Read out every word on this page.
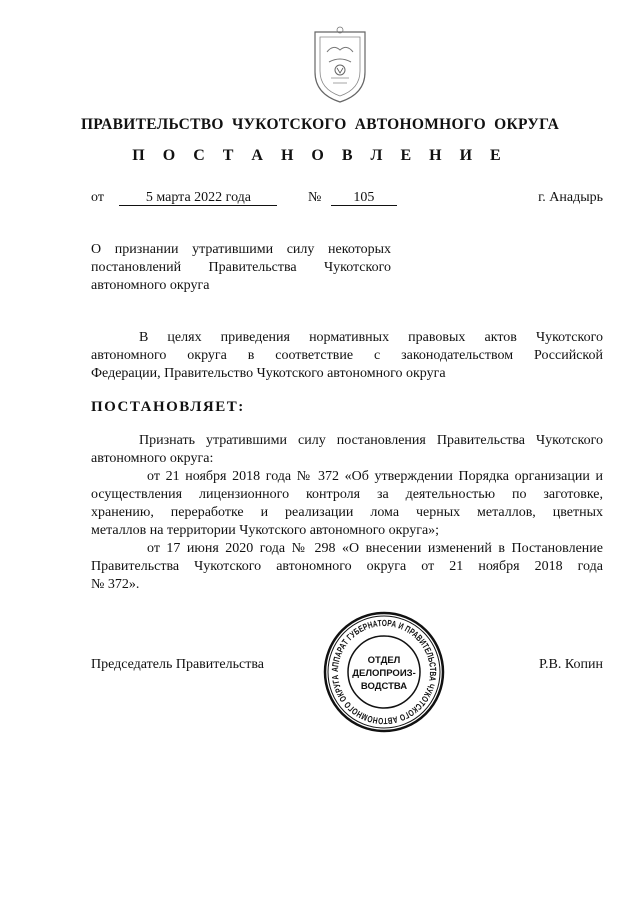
ПРАВИТЕЛЬСТВО ЧУКОТСКОГО АВТОНОМНОГО ОКРУГА
П О С Т А Н О В Л Е Н И Е
от	5 марта 2022 года	№ 105	г. Анадырь
О признании утратившими силу некоторых
постановлений Правительства Чукотского
автономного округа
В целях приведения нормативных правовых актов Чукотского
автономного округа в соответствие с законодательством Российской
Федерации, Правительство Чукотского автономного округа
ПОСТАНОВЛЯЕТ:
Признать утратившими силу постановления Правительства Чукотского
автономного округа:
от 21 ноября 2018 года № 372 «Об утверждении Порядка организации и
осуществления лицензионного контроля за деятельностью по заготовке,
хранению, переработке и реализации лома черных металлов, цветных
металлов на территории Чукотского автономного округа»;
от 17 июня 2020 года № 298 «О внесении изменений в Постановление
Правительства Чукотского автономного округа от 21 ноября 2018 года
№ 372».
Председатель Правительства	Р.В. Копин
АППАРАТ ГУБЕРНАТОРА И ПРАВИТЕЛЬСТВА ЧУКОТСКОГО АВТОНОМНОГО ОКРУГА
ОТДЕЛ
ДЕЛОПРОИЗ-
ВОДСТВА
